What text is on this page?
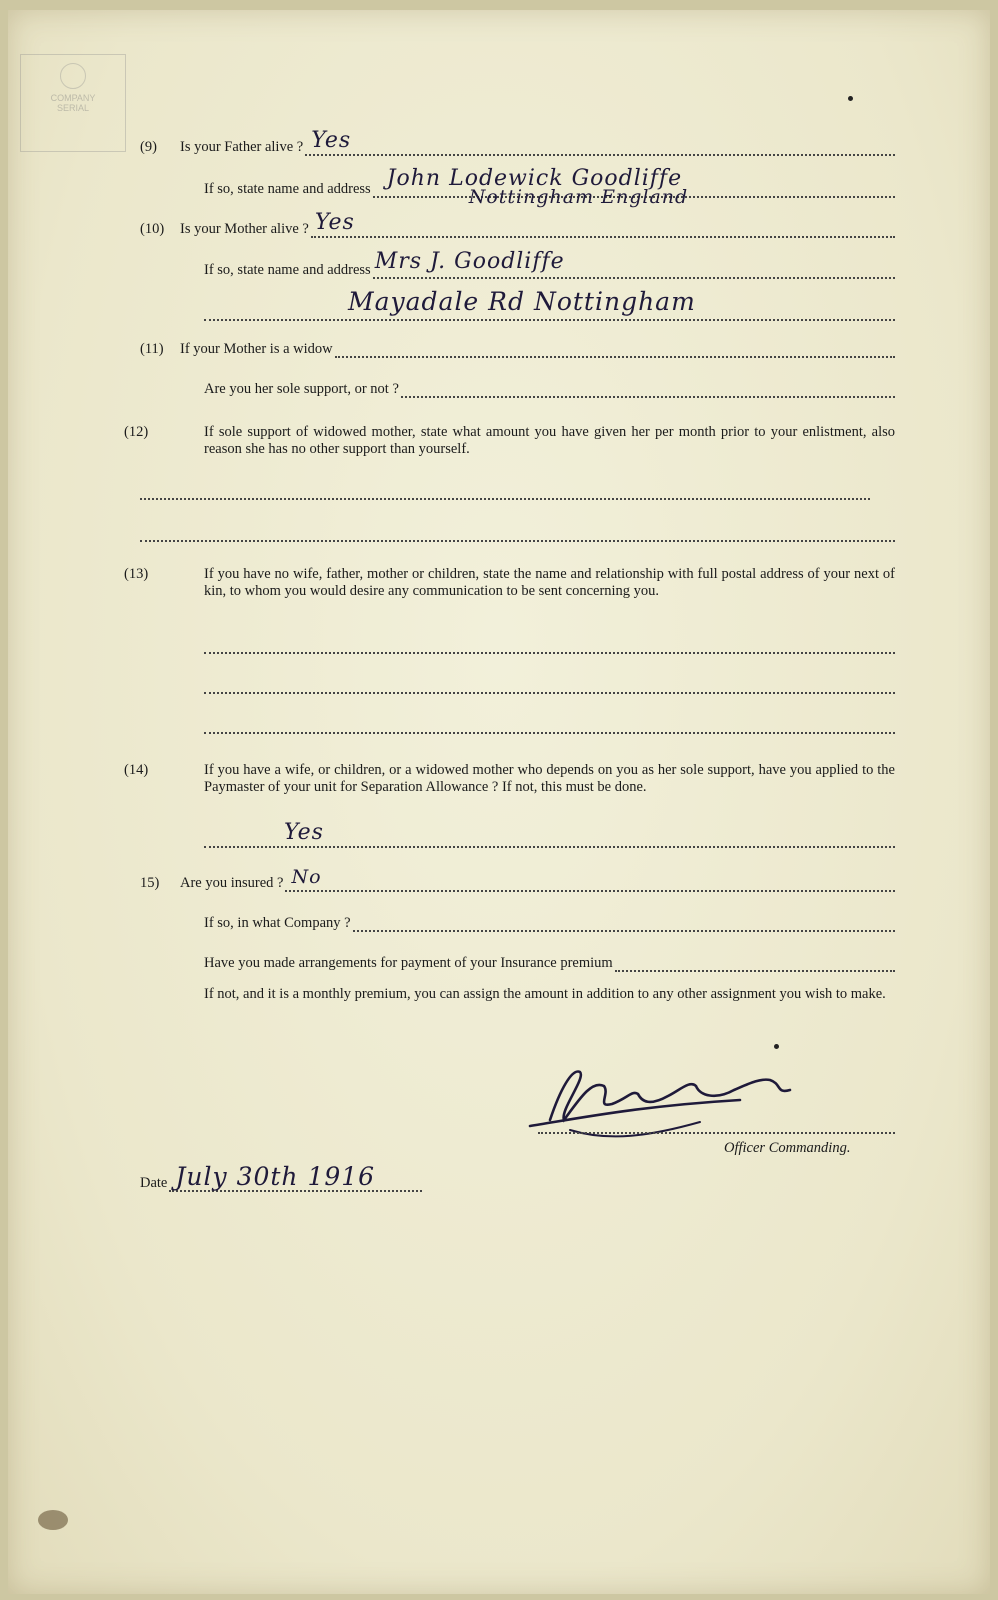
COMPANY
SERIAL
(9)	Is your Father alive ? Yes
If so, state name and address John Lodewick Goodliffe
Nottingham England
(10)	Is your Mother alive ? Yes
If so, state name and address Mrs J. Goodliffe
Mayadale Rd Nottingham
(11)	If your Mother is a widow
Are you her sole support, or not ?
(12)	If sole support of widowed mother, state what amount you have given her per month prior to your enlistment, also reason she has no other support than yourself.
(13)	If you have no wife, father, mother or children, state the name and relationship with full postal address of your next of kin, to whom you would desire any communication to be sent concerning you.
(14)	If you have a wife, or children, or a widowed mother who depends on you as her sole support, have you applied to the Paymaster of your unit for Separation Allowance ? If not, this must be done.
Yes
15)	Are you insured ? No
If so, in what Company ?
Have you made arrangements for payment of your Insurance premium
If not, and it is a monthly premium, you can assign the amount in addition to any other assignment you wish to make.
Officer Commanding.
Date July 30th 1916
